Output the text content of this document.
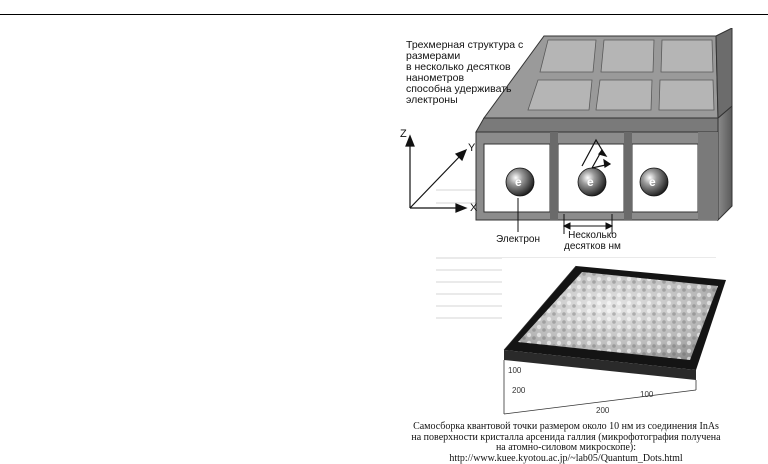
Трехмерная структура с размерами
в несколько десятков нанометров
способна удерживать электроны
Z
Y
X
e	e	e
Электрон	Несколько
десятков нм
100
200	100
200
Самосборка квантовой точки размером около 10 нм из соединения InAs
на поверхности кристалла арсенида галлия (микрофотография получена
на атомно-силовом микроскопе):
http://www.kuee.kyotou.ac.jp/~lab05/Quantum_Dots.html
